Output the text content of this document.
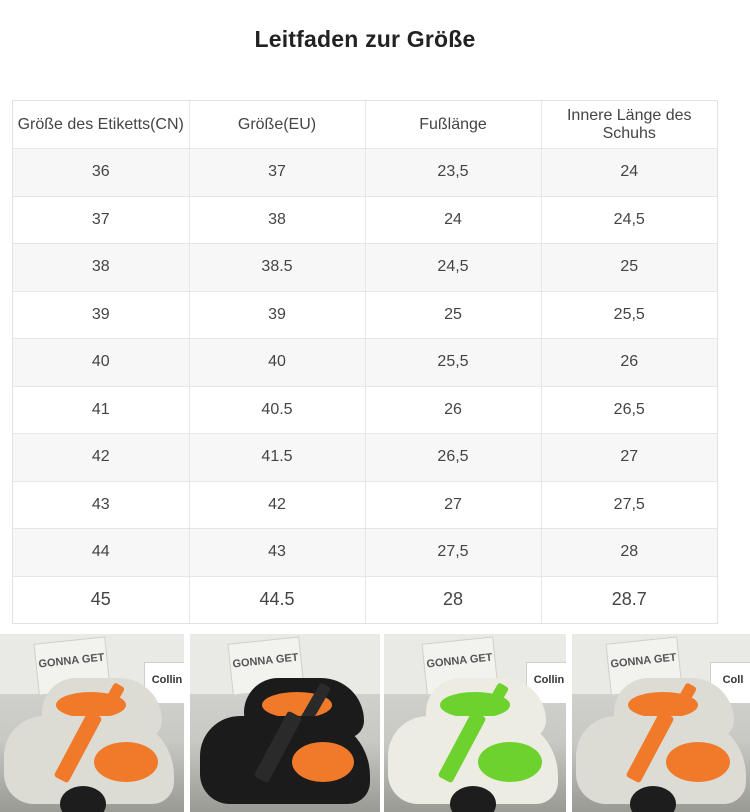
Leitfaden zur Größe
Größe des Etiketts(CN)	Größe(EU)	Fußlänge	Innere Länge des Schuhs
36	37	23,5	24
37	38	24	24,5
38	38.5	24,5	25
39	39	25	25,5
40	40	25,5	26
41	40.5	26	26,5
42	41.5	26,5	27
43	42	27	27,5
44	43	27,5	28
45	44.5	28	28.7
GONNA GET
Collin
GONNA GET	GONNA GET
Collin
GONNA GET
Coll
